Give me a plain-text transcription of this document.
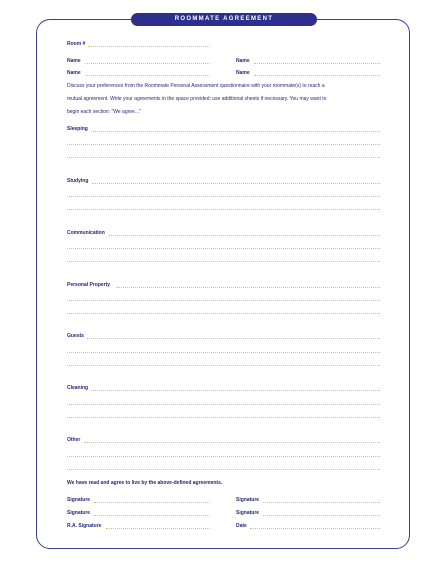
ROOMMATE AGREEMENT
Room #
Name	Name
Name	Name
Discuss your preferences from the Roommate Personal Assessment questionnaire with your roommate(s) to reach a
mutual agreement. Write your agreements in the space provided; use additional sheets if necessary. You may want to
begin each section: "We agree..."
Sleeping
Studying
Communication
Personal Property
Guests
Cleaning
Other
We have read and agree to live by the above-defined agreements.
Signature	Signature
Signature	Signature
R.A. Signature	Date
